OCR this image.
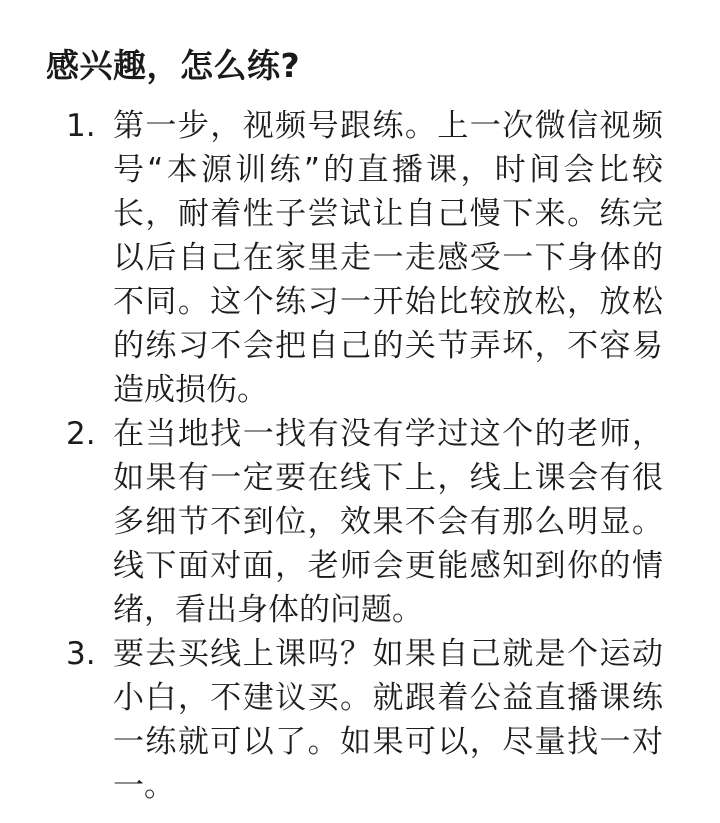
感兴趣，怎么练?
1. 第一步，视频号跟练。上一次微信视频号“本源训练”的直播课，时间会比较长，耐着性子尝试让自己慢下来。练完以后自己在家里走一走感受一下身体的不同。这个练习一开始比较放松，放松的练习不会把自己的关节弄坏，不容易造成损伤。
2. 在当地找一找有没有学过这个的老师，如果有一定要在线下上，线上课会有很多细节不到位，效果不会有那么明显。线下面对面，老师会更能感知到你的情绪，看出身体的问题。
3. 要去买线上课吗？如果自己就是个运动小白，不建议买。就跟着公益直播课练一练就可以了。如果可以，尽量找一对一。
